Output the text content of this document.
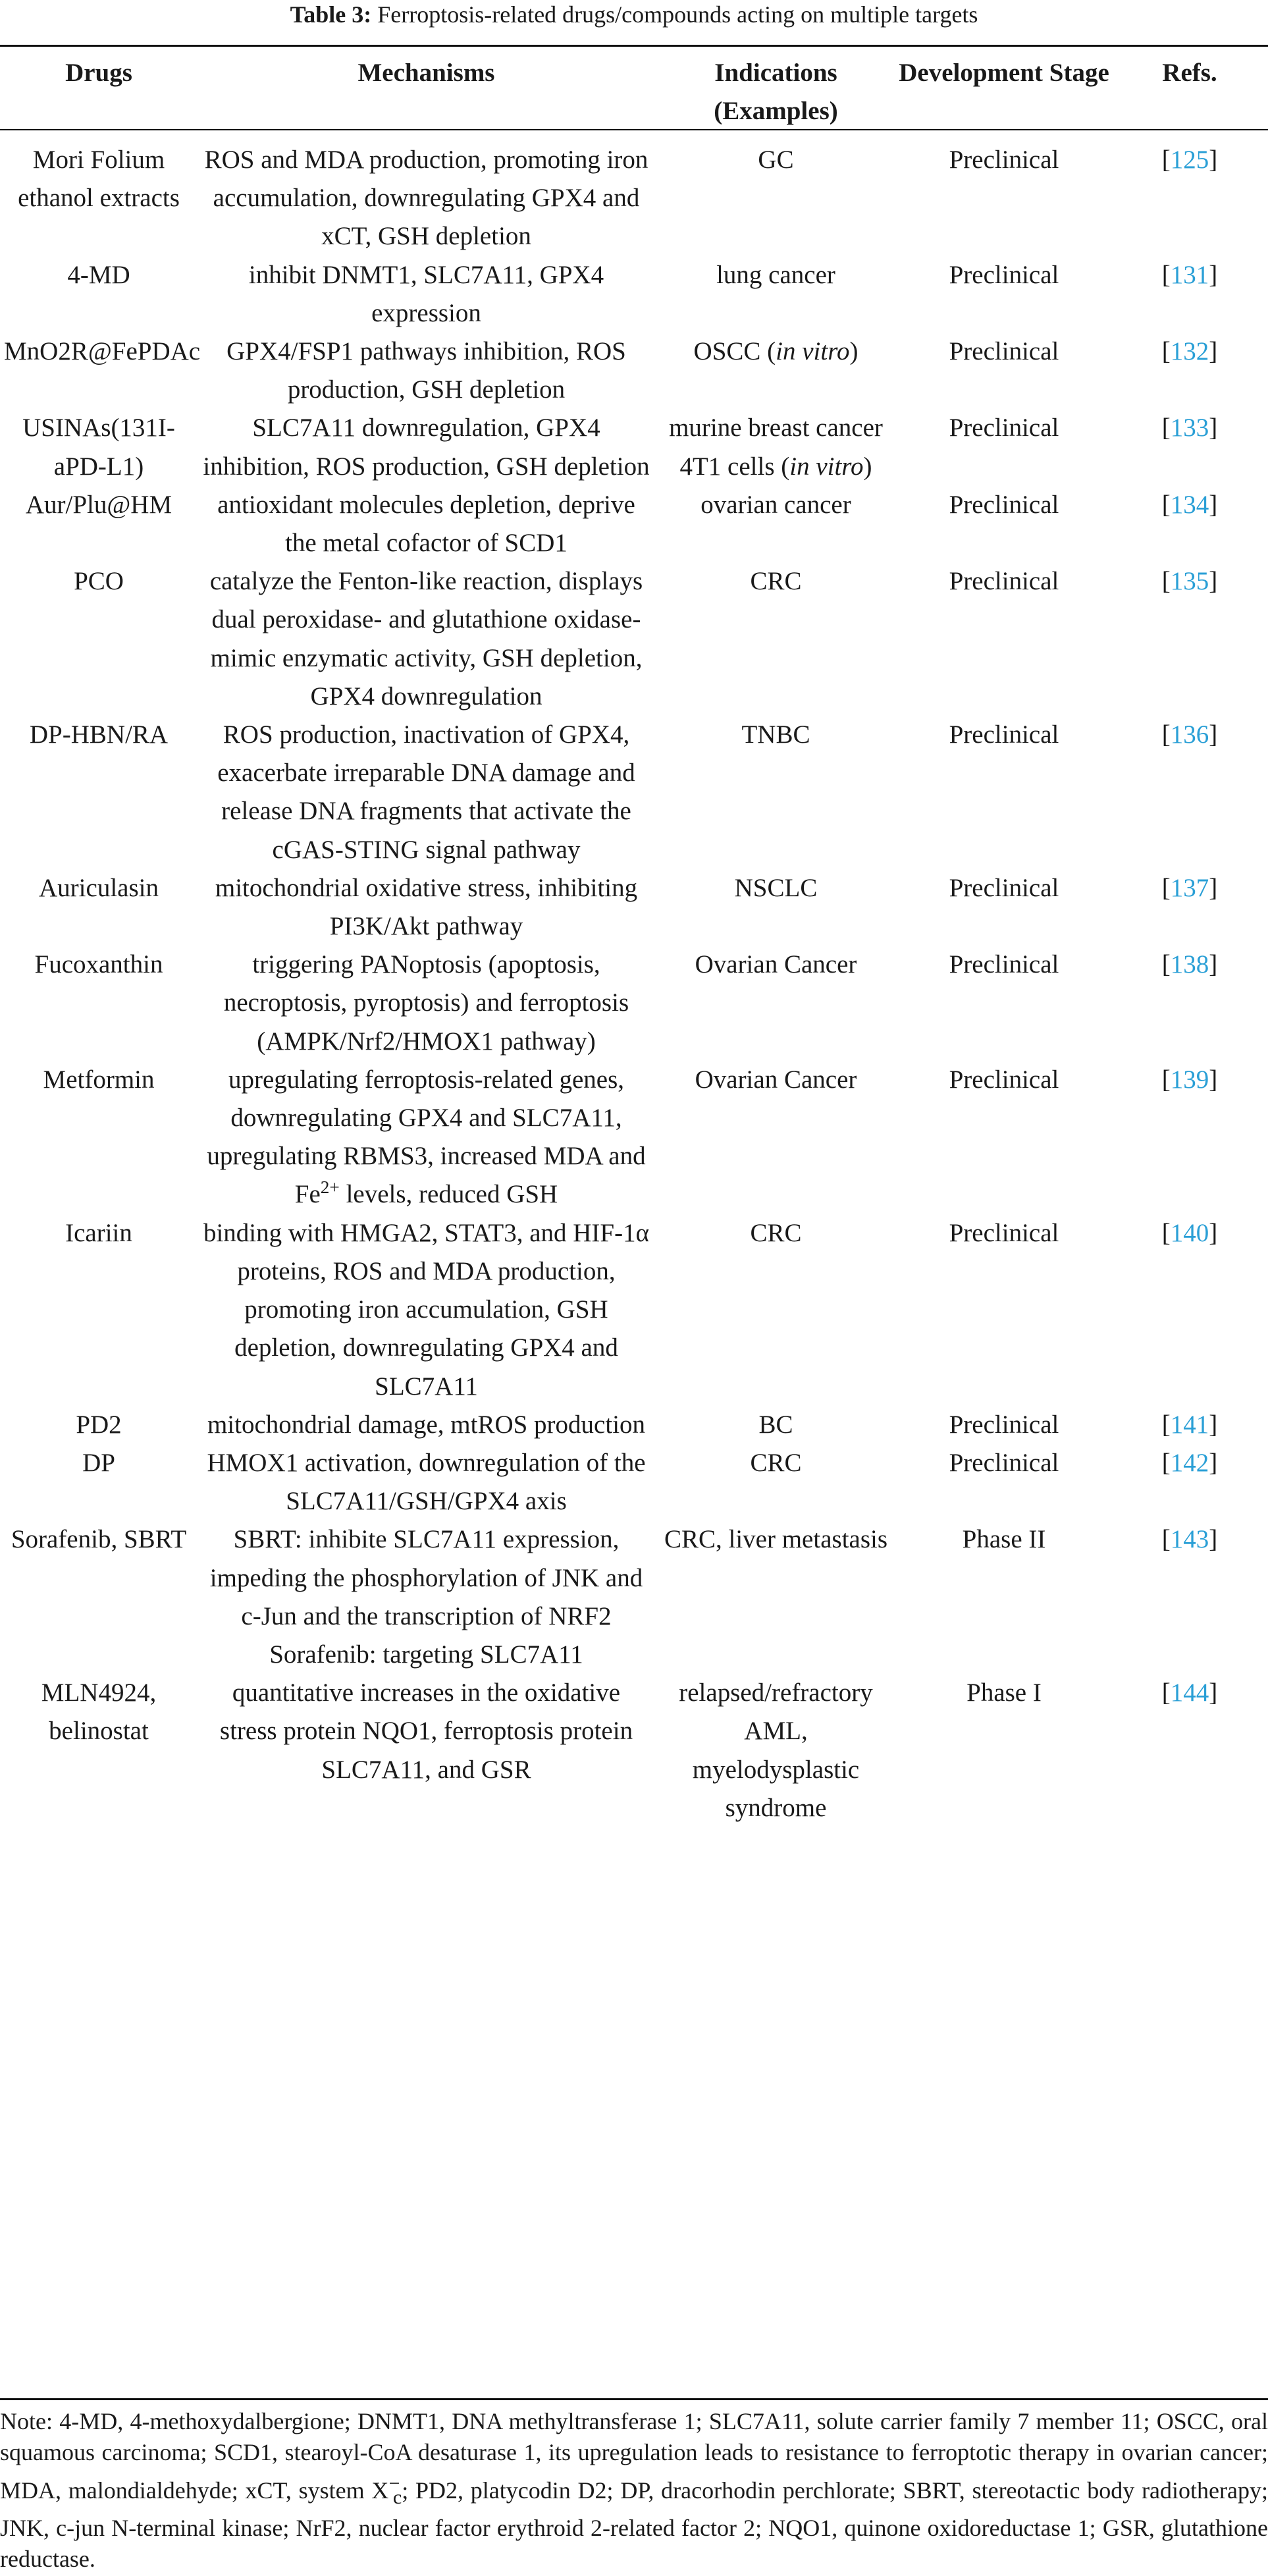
Table 3: Ferroptosis-related drugs/compounds acting on multiple targets
Drugs	Mechanisms	Indications (Examples)	Development Stage	Refs.
Mori Folium ethanol extracts	ROS and MDA production, promoting iron accumulation, downregulating GPX4 and xCT, GSH depletion	GC	Preclinical	[125]
4-MD	inhibit DNMT1, SLC7A11, GPX4 expression	lung cancer	Preclinical	[131]
MnO2R@FePDAc	GPX4/FSP1 pathways inhibition, ROS production, GSH depletion	OSCC (in vitro)	Preclinical	[132]
USINAs(131I-aPD-L1)	SLC7A11 downregulation, GPX4 inhibition, ROS production, GSH depletion	murine breast cancer 4T1 cells (in vitro)	Preclinical	[133]
Aur/Plu@HM	antioxidant molecules depletion, deprive the metal cofactor of SCD1	ovarian cancer	Preclinical	[134]
PCO	catalyze the Fenton-like reaction, displays dual peroxidase- and glutathione oxidase-mimic enzymatic activity, GSH depletion, GPX4 downregulation	CRC	Preclinical	[135]
DP-HBN/RA	ROS production, inactivation of GPX4, exacerbate irreparable DNA damage and release DNA fragments that activate the cGAS-STING signal pathway	TNBC	Preclinical	[136]
Auriculasin	mitochondrial oxidative stress, inhibiting PI3K/Akt pathway	NSCLC	Preclinical	[137]
Fucoxanthin	triggering PANoptosis (apoptosis, necroptosis, pyroptosis) and ferroptosis (AMPK/Nrf2/HMOX1 pathway)	Ovarian Cancer	Preclinical	[138]
Metformin	upregulating ferroptosis-related genes, downregulating GPX4 and SLC7A11, upregulating RBMS3, increased MDA and $Fe^{2+}$ levels, reduced GSH	Ovarian Cancer	Preclinical	[139]
Icariin	binding with HMGA2, STAT3, and HIF-1α proteins, ROS and MDA production, promoting iron accumulation, GSH depletion, downregulating GPX4 and SLC7A11	CRC	Preclinical	[140]
PD2	mitochondrial damage, mtROS production	BC	Preclinical	[141]
DP	HMOX1 activation, downregulation of the SLC7A11/GSH/GPX4 axis	CRC	Preclinical	[142]
Sorafenib, SBRT	SBRT: inhibite SLC7A11 expression, impeding the phosphorylation of JNK and c-Jun and the transcription of NRF2 Sorafenib: targeting SLC7A11	CRC, liver metastasis	Phase II	[143]
MLN4924, belinostat	quantitative increases in the oxidative stress protein NQO1, ferroptosis protein SLC7A11, and GSR	relapsed/refractory AML, myelodysplastic syndrome	Phase I	[144]
Note: 4-MD, 4-methoxydalbergione; DNMT1, DNA methyltransferase 1; SLC7A11, solute carrier family 7 member 11; OSCC, oral squamous carcinoma; SCD1, stearoyl-CoA desaturase 1, its upregulation leads to resistance to ferroptotic therapy in ovarian cancer; MDA, malondialdehyde; xCT, system $X^-_c$; PD2, platycodin D2; DP, dracorhodin perchlorate; SBRT, stereotactic body radiotherapy; JNK, c-jun N-terminal kinase; NrF2, nuclear factor erythroid 2-related factor 2; NQO1, quinone oxidoreductase 1; GSR, glutathione reductase.
